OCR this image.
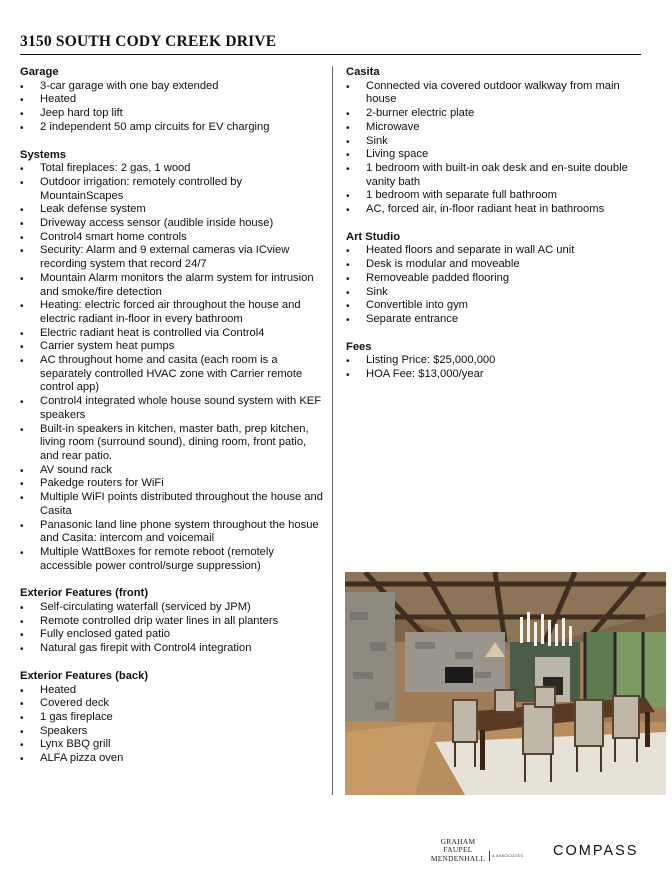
3150 SOUTH CODY CREEK DRIVE
Garage
• 3-car garage with one bay extended
• Heated
• Jeep hard top lift
• 2 independent 50 amp circuits for EV charging
Systems
• Total fireplaces: 2 gas, 1 wood
• Outdoor irrigation: remotely controlled by MountainScapes
• Leak defense system
• Driveway access sensor (audible inside house)
• Control4 smart home controls
• Security: Alarm and 9 external cameras via ICview recording system that record 24/7
• Mountain Alarm monitors the alarm system for intrusion and smoke/fire detection
• Heating: electric forced air throughout the house and electric radiant in-floor in every bathroom
• Electric radiant heat is controlled via Control4
• Carrier system heat pumps
• AC throughout home and casita (each room is a separately controlled HVAC zone with Carrier remote control app)
• Control4 integrated whole house sound system with KEF speakers
• Built-in speakers in kitchen, master bath, prep kitchen, living room (surround sound), dining room, front patio, and rear patio.
• AV sound rack
• Pakedge routers for WiFi
• Multiple WiFI points distributed throughout the house and Casita
• Panasonic land line phone system throughout the hosue and Casita: intercom and voicemail
• Multiple WattBoxes for remote reboot (remotely accessible power control/surge suppression)
Exterior Features (front)
• Self-circulating waterfall (serviced by JPM)
• Remote controlled drip water lines in all planters
• Fully enclosed gated patio
• Natural gas firepit with Control4 integration
Exterior Features (back)
• Heated
• Covered deck
• 1 gas fireplace
• Speakers
• Lynx BBQ grill
• ALFA pizza oven
Casita
• Connected via covered outdoor walkway from main house
• 2-burner electric plate
• Microwave
• Sink
• Living space
• 1 bedroom with built-in oak desk and en-suite double vanity bath
• 1 bedroom with separate full bathroom
• AC, forced air, in-floor radiant heat in bathrooms
Art Studio
• Heated floors and separate in wall AC unit
• Desk is modular and moveable
• Removeable padded flooring
• Sink
• Convertible into gym
• Separate entrance
Fees
• Listing Price: $25,000,000
• HOA Fee: $13,000/year
GRAHAM
FAUPEL
MENDENHALL	& ASSOCIATES COMPASS
